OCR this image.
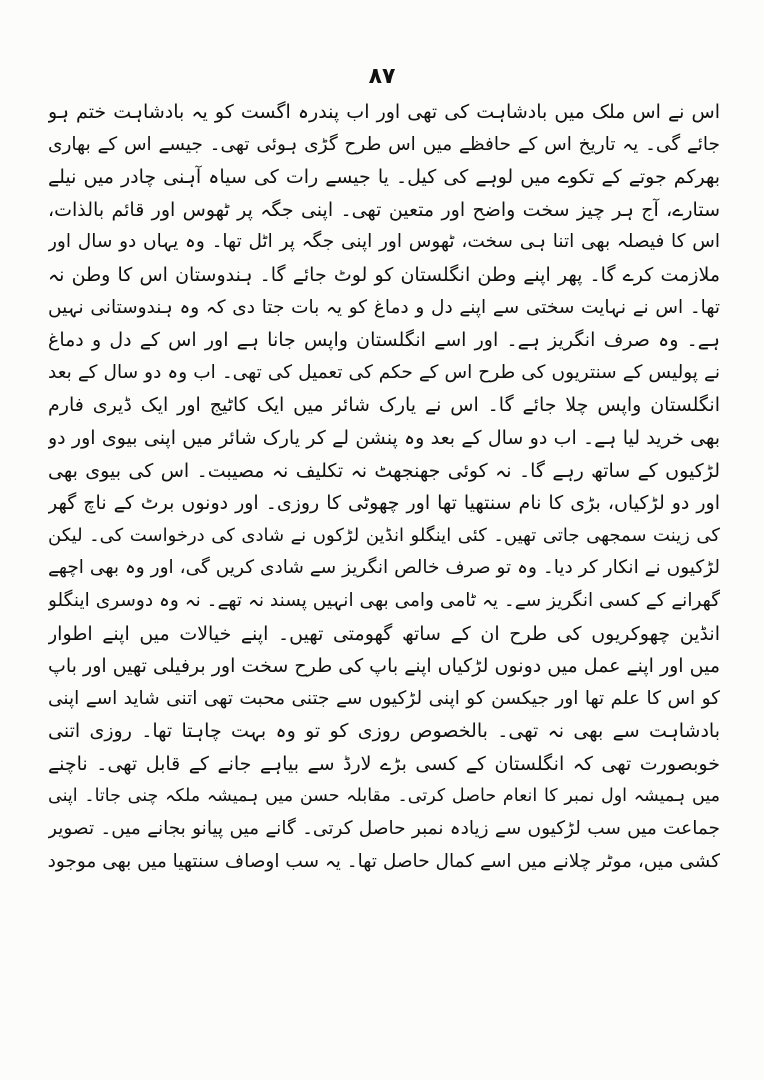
۸۷
اس نے اس ملک میں بادشاہت کی تھی اور اب پندرہ اگست کو یہ بادشاہت ختم ہو
جائے گی۔ یہ تاریخ اس کے حافظے میں اس طرح گڑی ہوئی تھی۔ جیسے اس کے بھاری
بھرکم جوتے کے تکوے میں لوہے کی کیل۔ یا جیسے رات کی سیاہ آہنی چادر میں نیلے
ستارے، آج ہر چیز سخت واضح اور متعین تھی۔ اپنی جگہ پر ٹھوس اور قائم بالذات،
اس کا فیصلہ بھی اتنا ہی سخت، ٹھوس اور اپنی جگہ پر اٹل تھا۔ وہ یہاں دو سال اور
ملازمت کرے گا۔ پھر اپنے وطن انگلستان کو لوٹ جائے گا۔ ہندوستان اس کا وطن نہ
تھا۔ اس نے نہایت سختی سے اپنے دل و دماغ کو یہ بات جتا دی کہ وہ ہندوستانی نہیں
ہے۔ وہ صرف انگریز ہے۔ اور اسے انگلستان واپس جانا ہے اور اس کے دل و دماغ
نے پولیس کے سنتریوں کی طرح اس کے حکم کی تعمیل کی تھی۔ اب وہ دو سال کے بعد
انگلستان واپس چلا جائے گا۔ اس نے یارک شائر میں ایک کاٹیج اور ایک ڈیری فارم
بھی خرید لیا ہے۔ اب دو سال کے بعد وہ پنشن لے کر یارک شائر میں اپنی بیوی اور دو
لڑکیوں کے ساتھ رہے گا۔ نہ کوئی جھنجھٹ نہ تکلیف نہ مصیبت۔ اس کی بیوی بھی
اور دو لڑکیاں، بڑی کا نام سنتھیا تھا اور چھوٹی کا روزی۔ اور دونوں برٹ کے ناچ گھر
کی زینت سمجھی جاتی تھیں۔ کئی اینگلو انڈین لڑکوں نے شادی کی درخواست کی۔ لیکن
لڑکیوں نے انکار کر دیا۔ وہ تو صرف خالص انگریز سے شادی کریں گی، اور وہ بھی اچھے
گھرانے کے کسی انگریز سے۔ یہ ٹامی وامی بھی انہیں پسند نہ تھے۔ نہ وہ دوسری اینگلو
انڈین چھوکریوں کی طرح ان کے ساتھ گھومتی تھیں۔ اپنے خیالات میں اپنے اطوار
میں اور اپنے عمل میں دونوں لڑکیاں اپنے باپ کی طرح سخت اور برفیلی تھیں اور باپ
کو اس کا علم تھا اور جیکسن کو اپنی لڑکیوں سے جتنی محبت تھی اتنی شاید اسے اپنی
بادشاہت سے بھی نہ تھی۔ بالخصوص روزی کو تو وہ بہت چاہتا تھا۔ روزی اتنی
خوبصورت تھی کہ انگلستان کے کسی بڑے لارڈ سے بیاہے جانے کے قابل تھی۔ ناچنے
میں ہمیشہ اول نمبر کا انعام حاصل کرتی۔ مقابلہ حسن میں ہمیشہ ملکہ چنی جاتا۔ اپنی
جماعت میں سب لڑکیوں سے زیادہ نمبر حاصل کرتی۔ گانے میں پیانو بجانے میں۔ تصویر
کشی میں، موٹر چلانے میں اسے کمال حاصل تھا۔ یہ سب اوصاف سنتھیا میں بھی موجود
